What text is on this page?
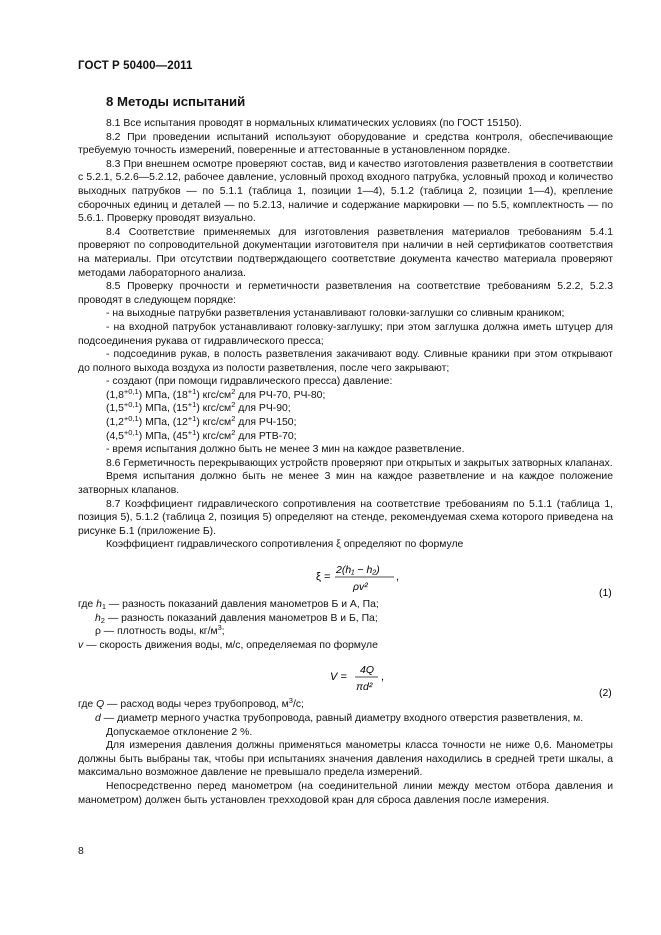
ГОСТ Р 50400—2011
8 Методы испытаний

8.1 Все испытания проводят в нормальных климатических условиях (по ГОСТ 15150).

8.2 При проведении испытаний используют оборудование и средства контроля, обеспечивающие требуемую точность измерений, поверенные и аттестованные в установленном порядке.

8.3 При внешнем осмотре проверяют состав, вид и качество изготовления разветвления в соответствии с 5.2.1, 5.2.6—5.2.12, рабочее давление, условный проход входного патрубка, условный проход и количество выходных патрубков — по 5.1.1 (таблица 1, позиции 1—4), 5.1.2 (таблица 2, позиции 1—4), крепление сборочных единиц и деталей — по 5.2.13, наличие и содержание маркировки — по 5.5, комплектность — по 5.6.1. Проверку проводят визуально.

8.4 Соответствие применяемых для изготовления разветвления материалов требованиям 5.4.1 проверяют по сопроводительной документации изготовителя при наличии в ней сертификатов соответствия на материалы. При отсутствии подтверждающего соответствие документа качество материала проверяют методами лабораторного анализа.

8.5 Проверку прочности и герметичности разветвления на соответствие требованиям 5.2.2, 5.2.3 проводят в следующем порядке:

- на выходные патрубки разветвления устанавливают головки-заглушки со сливным краником;

- на входной патрубок устанавливают головку-заглушку; при этом заглушка должна иметь штуцер для подсоединения рукава от гидравлического пресса;

- подсоединив рукав, в полость разветвления закачивают воду. Сливные краники при этом открывают до полного выхода воздуха из полости разветвления, после чего закрывают;

- создают (при помощи гидравлического пресса) давление:

$(1,8^{+0,1})$ МПа, $(18^{+1})$ кгс/$см^2$ для РЧ-70, РЧ-80;

$(1,5^{+0,1})$ МПа, $(15^{+1})$ кгс/$см^2$ для РЧ-90;

$(1,2^{+0,1})$ МПа, $(12^{+1})$ кгс/$см^2$ для РЧ-150;

$(4,5^{+0,1})$ МПа, $(45^{+1})$ кгс/$см^2$ для РТВ-70;

- время испытания должно быть не менее 3 мин на каждое разветвление.

8.6 Герметичность перекрывающих устройств проверяют при открытых и закрытых затворных клапанах.

Время испытания должно быть не менее 3 мин на каждое разветвление и на каждое положение затворных клапанов.

8.7 Коэффициент гидравлического сопротивления на соответствие требованиям по 5.1.1 (таблица 1, позиция 5), 5.1.2 (таблица 2, позиция 5) определяют на стенде, рекомендуемая схема которого приведена на рисунке Б.1 (приложение Б).

Коэффициент гидравлического сопротивления ξ определяют по формуле

ξ =
2(h₁ − h₂)
ρv²
,
(1)

где $h_1$ — разность показаний давления манометров Б и А, Па;

$h_2$ — разность показаний давления манометров В и Б, Па;

ρ — плотность воды, $кг/м^3$;

v — скорость движения воды, м/с, определяемая по формуле

V =
4Q
πd²
,
(2)

где Q — расход воды через трубопровод, $м^3/с$;

d — диаметр мерного участка трубопровода, равный диаметру входного отверстия разветвления, м.

Допускаемое отклонение 2 %.

Для измерения давления должны применяться манометры класса точности не ниже 0,6. Манометры должны быть выбраны так, чтобы при испытаниях значения давления находились в средней трети шкалы, а максимально возможное давление не превышало предела измерений.

Непосредственно перед манометром (на соединительной линии между местом отбора давления и манометром) должен быть установлен трехходовой кран для сброса давления после измерения.

8
